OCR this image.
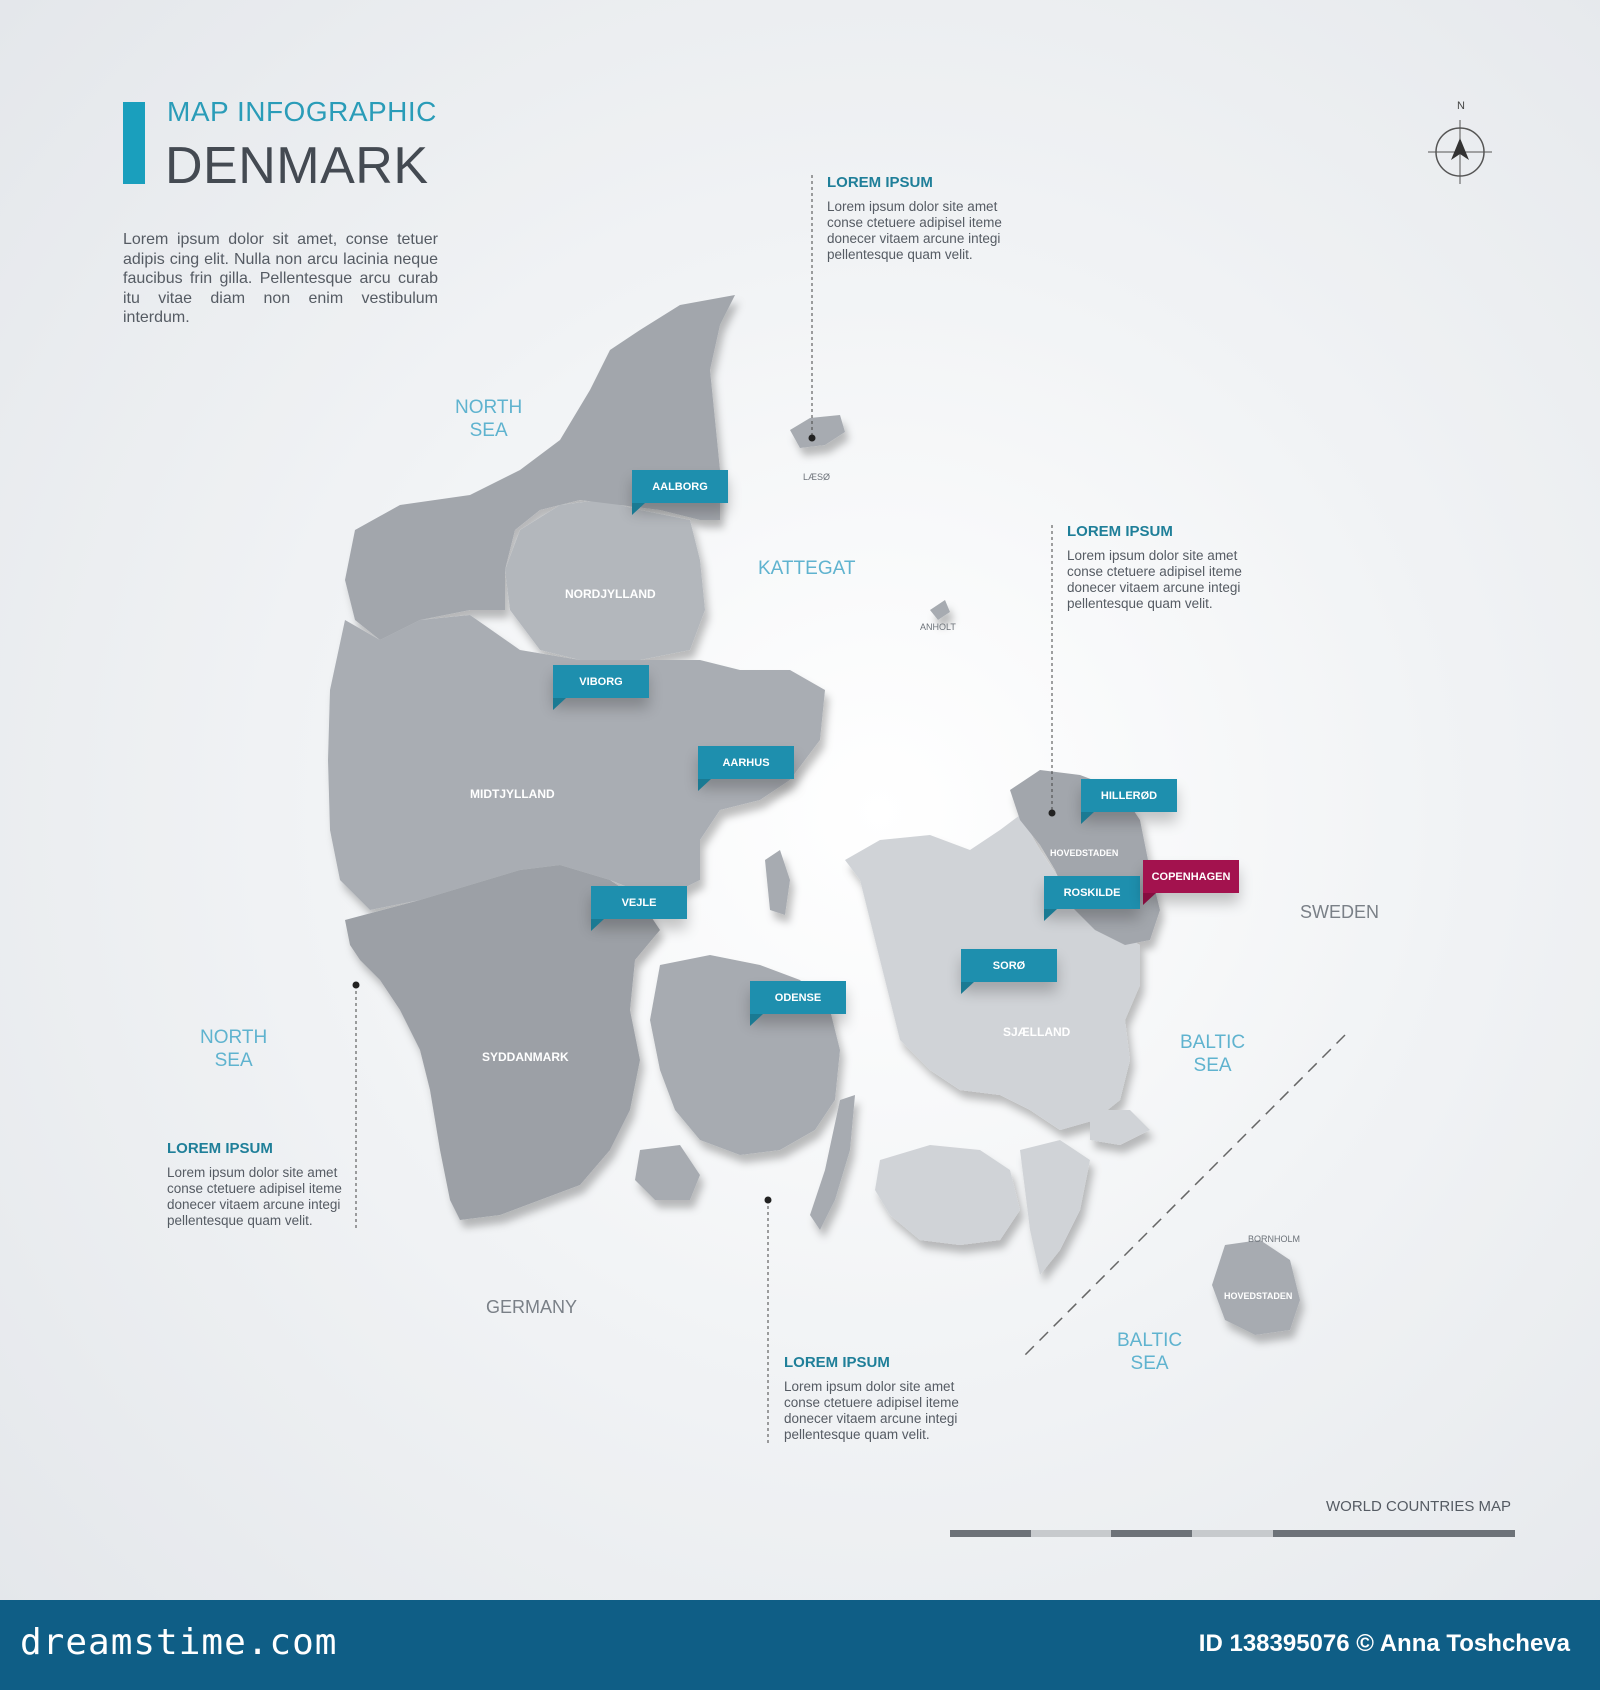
MAP INFOGRAPHIC
DENMARK
Lorem ipsum dolor sit amet, conse tetuer adipis cing elit. Nulla non arcu lacinia neque faucibus frin gilla. Pellentesque arcu curab itu vitae diam non enim vestibulum interdum.
N
NORDJYLLAND
MIDTJYLLAND
SYDDANMARK
SJÆLLAND
HOVEDSTADEN
HOVEDSTADEN
LÆSØ
ANHOLT
BORNHOLM
NORTH
SEA
NORTH
SEA
KATTEGAT
BALTIC
SEA
BALTIC
SEA
SWEDEN
GERMANY
AALBORG
VIBORG
AARHUS
VEJLE
ODENSE
HILLERØD
ROSKILDE
SORØ
COPENHAGEN
LOREM IPSUM
Lorem ipsum dolor site amet conse ctetuere adipisel iteme donecer vitaem arcune integi pellentesque quam velit.
LOREM IPSUM
Lorem ipsum dolor site amet conse ctetuere adipisel iteme donecer vitaem arcune integi pellentesque quam velit.
LOREM IPSUM
Lorem ipsum dolor site amet conse ctetuere adipisel iteme donecer vitaem arcune integi pellentesque quam velit.
LOREM IPSUM
Lorem ipsum dolor site amet conse ctetuere adipisel iteme donecer vitaem arcune integi pellentesque quam velit.
WORLD COUNTRIES MAP
dreamstime.com	ID 138395076 © Anna Toshcheva
